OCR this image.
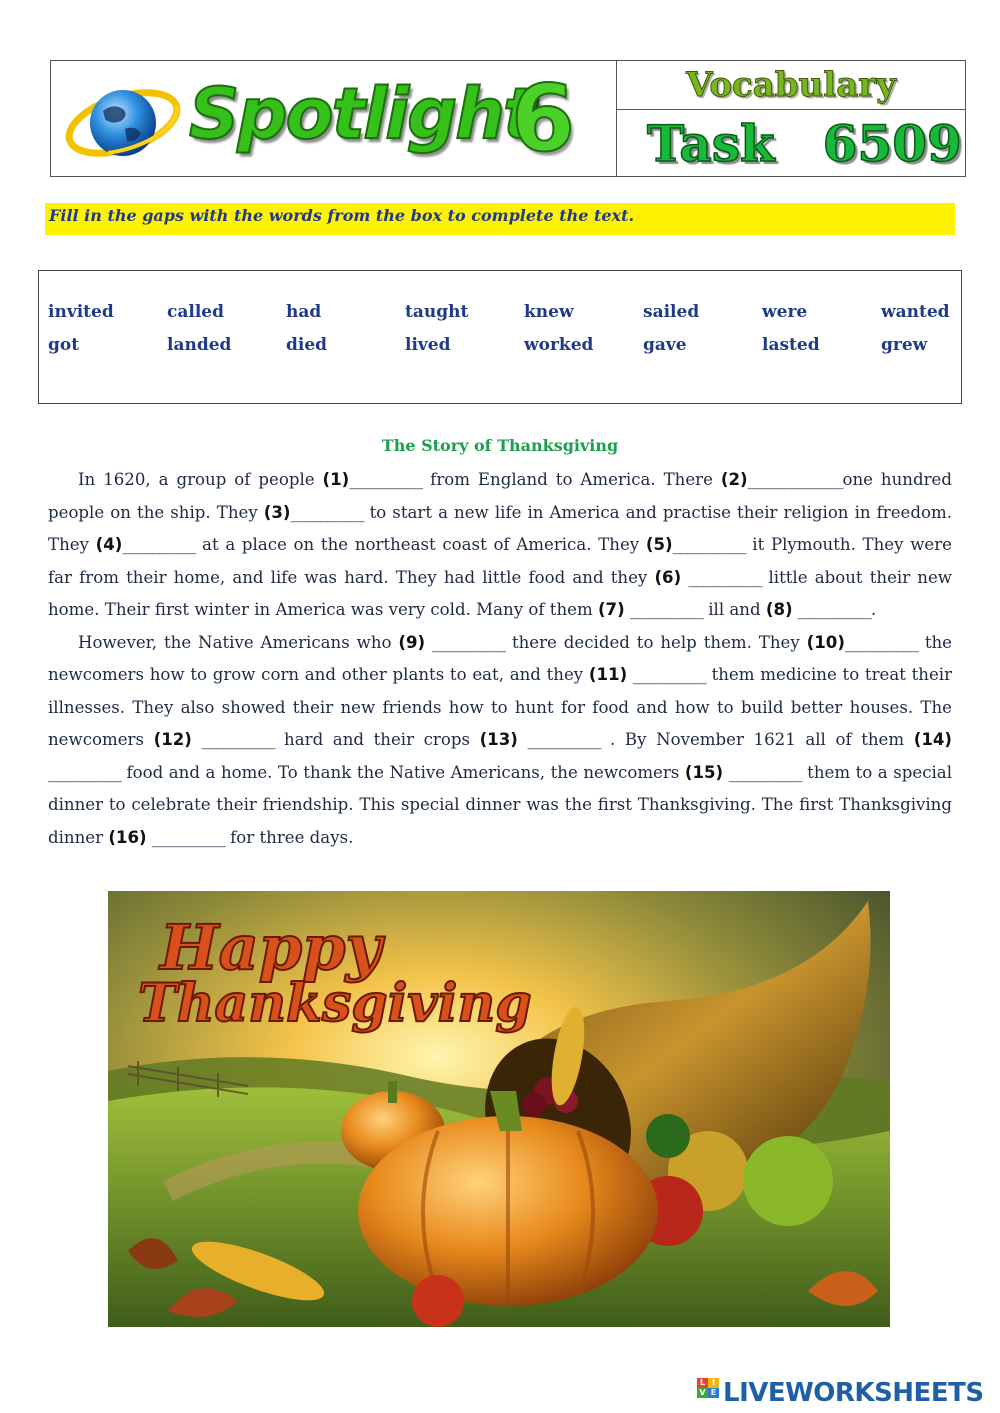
Spotlight
6	Vocabulary
Task 6509
Fill in the gaps with the words from the box to complete the text.
invited	called	had	taught	knew	sailed	were	wanted
got	landed	died	lived	worked	gave	lasted	grew
The Story of Thanksgiving

In 1620, a group of people (1)__________ from England to America. There (2)_____________one hundred people on the ship. They (3)__________ to start a new life in America and practise their religion in freedom. They (4)__________ at a place on the northeast coast of America. They (5)__________ it Plymouth. They were far from their home, and life was hard. They had little food and they (6) __________ little about their new home. Their first winter in America was very cold. Many of them (7) __________ ill and (8) __________.

However, the Native Americans who (9) __________ there decided to help them. They (10)__________ the newcomers how to grow corn and other plants to eat, and they (11) __________ them medicine to treat their illnesses. They also showed their new friends how to hunt for food and how to build better houses. The newcomers (12) __________ hard and their crops (13) __________ . By November 1621 all of them (14) __________ food and a home. To thank the Native Americans, the newcomers (15) __________ them to a special dinner to celebrate their friendship. This special dinner was the first Thanksgiving. The first Thanksgiving dinner (16) __________ for three days.

Happy
Thanksgiving
L I
V E LIVEWORKSHEETS
